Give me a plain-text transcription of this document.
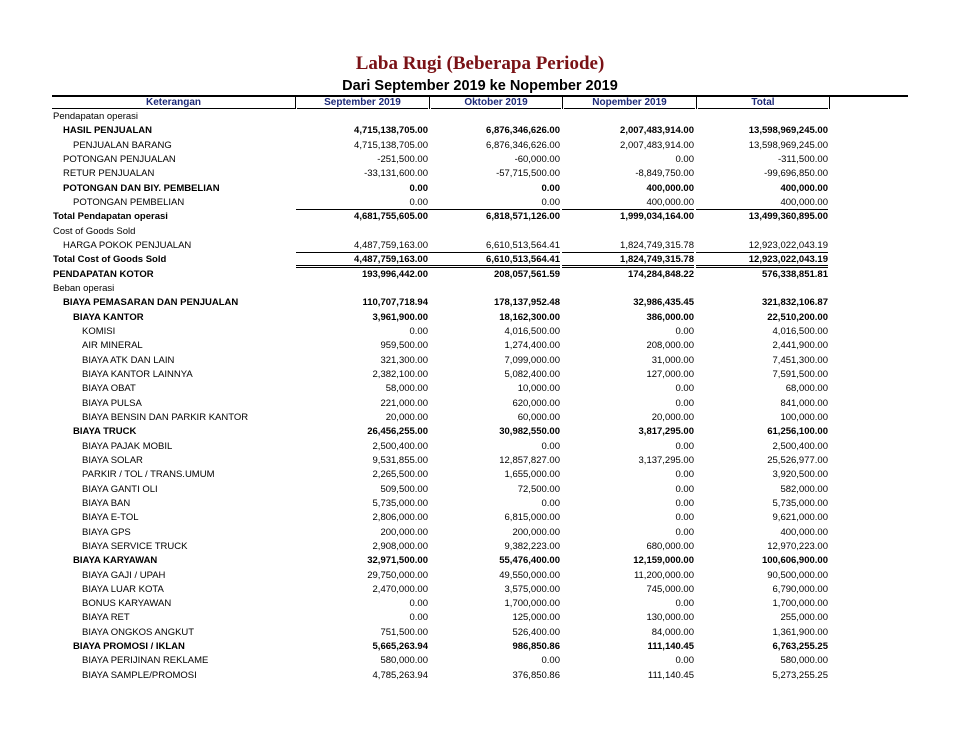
Laba Rugi (Beberapa Periode)
Dari September 2019 ke Nopember 2019
Keterangan	September 2019	Oktober 2019	Nopember 2019	Total
Pendapatan operasi
HASIL PENJUALAN	4,715,138,705.00	6,876,346,626.00	2,007,483,914.00	13,598,969,245.00
PENJUALAN BARANG	4,715,138,705.00	6,876,346,626.00	2,007,483,914.00	13,598,969,245.00
POTONGAN PENJUALAN	-251,500.00	-60,000.00	0.00	-311,500.00
RETUR PENJUALAN	-33,131,600.00	-57,715,500.00	-8,849,750.00	-99,696,850.00
POTONGAN DAN BIY. PEMBELIAN	0.00	0.00	400,000.00	400,000.00
POTONGAN PEMBELIAN	0.00	0.00	400,000.00	400,000.00
Total Pendapatan operasi	4,681,755,605.00	6,818,571,126.00	1,999,034,164.00	13,499,360,895.00
Cost of Goods Sold
HARGA POKOK PENJUALAN	4,487,759,163.00	6,610,513,564.41	1,824,749,315.78	12,923,022,043.19
Total Cost of Goods Sold	4,487,759,163.00	6,610,513,564.41	1,824,749,315.78	12,923,022,043.19
PENDAPATAN KOTOR	193,996,442.00	208,057,561.59	174,284,848.22	576,338,851.81
Beban operasi
BIAYA PEMASARAN DAN PENJUALAN	110,707,718.94	178,137,952.48	32,986,435.45	321,832,106.87
BIAYA KANTOR	3,961,900.00	18,162,300.00	386,000.00	22,510,200.00
KOMISI	0.00	4,016,500.00	0.00	4,016,500.00
AIR MINERAL	959,500.00	1,274,400.00	208,000.00	2,441,900.00
BIAYA ATK DAN LAIN	321,300.00	7,099,000.00	31,000.00	7,451,300.00
BIAYA KANTOR LAINNYA	2,382,100.00	5,082,400.00	127,000.00	7,591,500.00
BIAYA OBAT	58,000.00	10,000.00	0.00	68,000.00
BIAYA PULSA	221,000.00	620,000.00	0.00	841,000.00
BIAYA BENSIN DAN PARKIR KANTOR	20,000.00	60,000.00	20,000.00	100,000.00
BIAYA TRUCK	26,456,255.00	30,982,550.00	3,817,295.00	61,256,100.00
BIAYA PAJAK MOBIL	2,500,400.00	0.00	0.00	2,500,400.00
BIAYA SOLAR	9,531,855.00	12,857,827.00	3,137,295.00	25,526,977.00
PARKIR / TOL / TRANS.UMUM	2,265,500.00	1,655,000.00	0.00	3,920,500.00
BIAYA GANTI OLI	509,500.00	72,500.00	0.00	582,000.00
BIAYA BAN	5,735,000.00	0.00	0.00	5,735,000.00
BIAYA E-TOL	2,806,000.00	6,815,000.00	0.00	9,621,000.00
BIAYA GPS	200,000.00	200,000.00	0.00	400,000.00
BIAYA SERVICE TRUCK	2,908,000.00	9,382,223.00	680,000.00	12,970,223.00
BIAYA KARYAWAN	32,971,500.00	55,476,400.00	12,159,000.00	100,606,900.00
BIAYA GAJI / UPAH	29,750,000.00	49,550,000.00	11,200,000.00	90,500,000.00
BIAYA LUAR KOTA	2,470,000.00	3,575,000.00	745,000.00	6,790,000.00
BONUS KARYAWAN	0.00	1,700,000.00	0.00	1,700,000.00
BIAYA RET	0.00	125,000.00	130,000.00	255,000.00
BIAYA ONGKOS ANGKUT	751,500.00	526,400.00	84,000.00	1,361,900.00
BIAYA PROMOSI / IKLAN	5,665,263.94	986,850.86	111,140.45	6,763,255.25
BIAYA PERIJINAN REKLAME	580,000.00	0.00	0.00	580,000.00
BIAYA SAMPLE/PROMOSI	4,785,263.94	376,850.86	111,140.45	5,273,255.25
